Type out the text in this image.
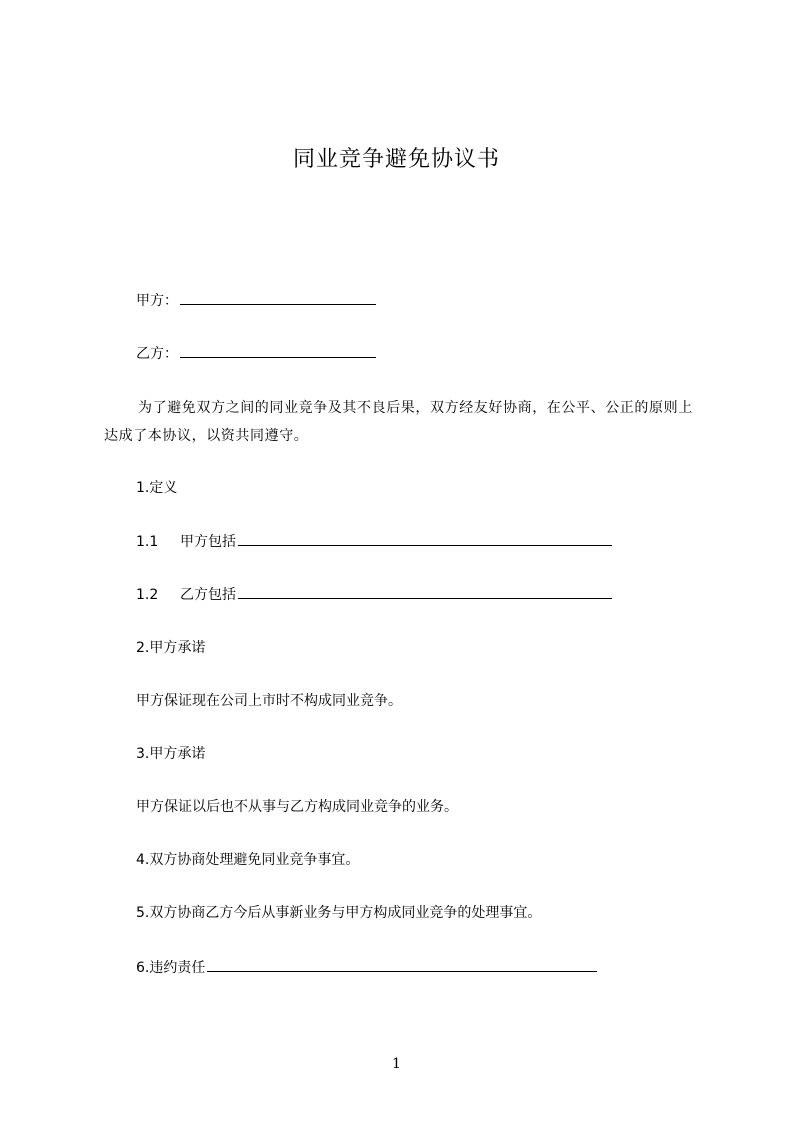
同业竞争避免协议书
甲方：
乙方：
为了避免双方之间的同业竞争及其不良后果，双方经友好协商，在公平、公正的原则上达成了本协议，以资共同遵守。
1.定义
1.1 甲方包括
1.2 乙方包括
2.甲方承诺
甲方保证现在公司上市时不构成同业竞争。
3.甲方承诺
甲方保证以后也不从事与乙方构成同业竞争的业务。
4.双方协商处理避免同业竞争事宜。
5.双方协商乙方今后从事新业务与甲方构成同业竞争的处理事宜。
6.违约责任
1
